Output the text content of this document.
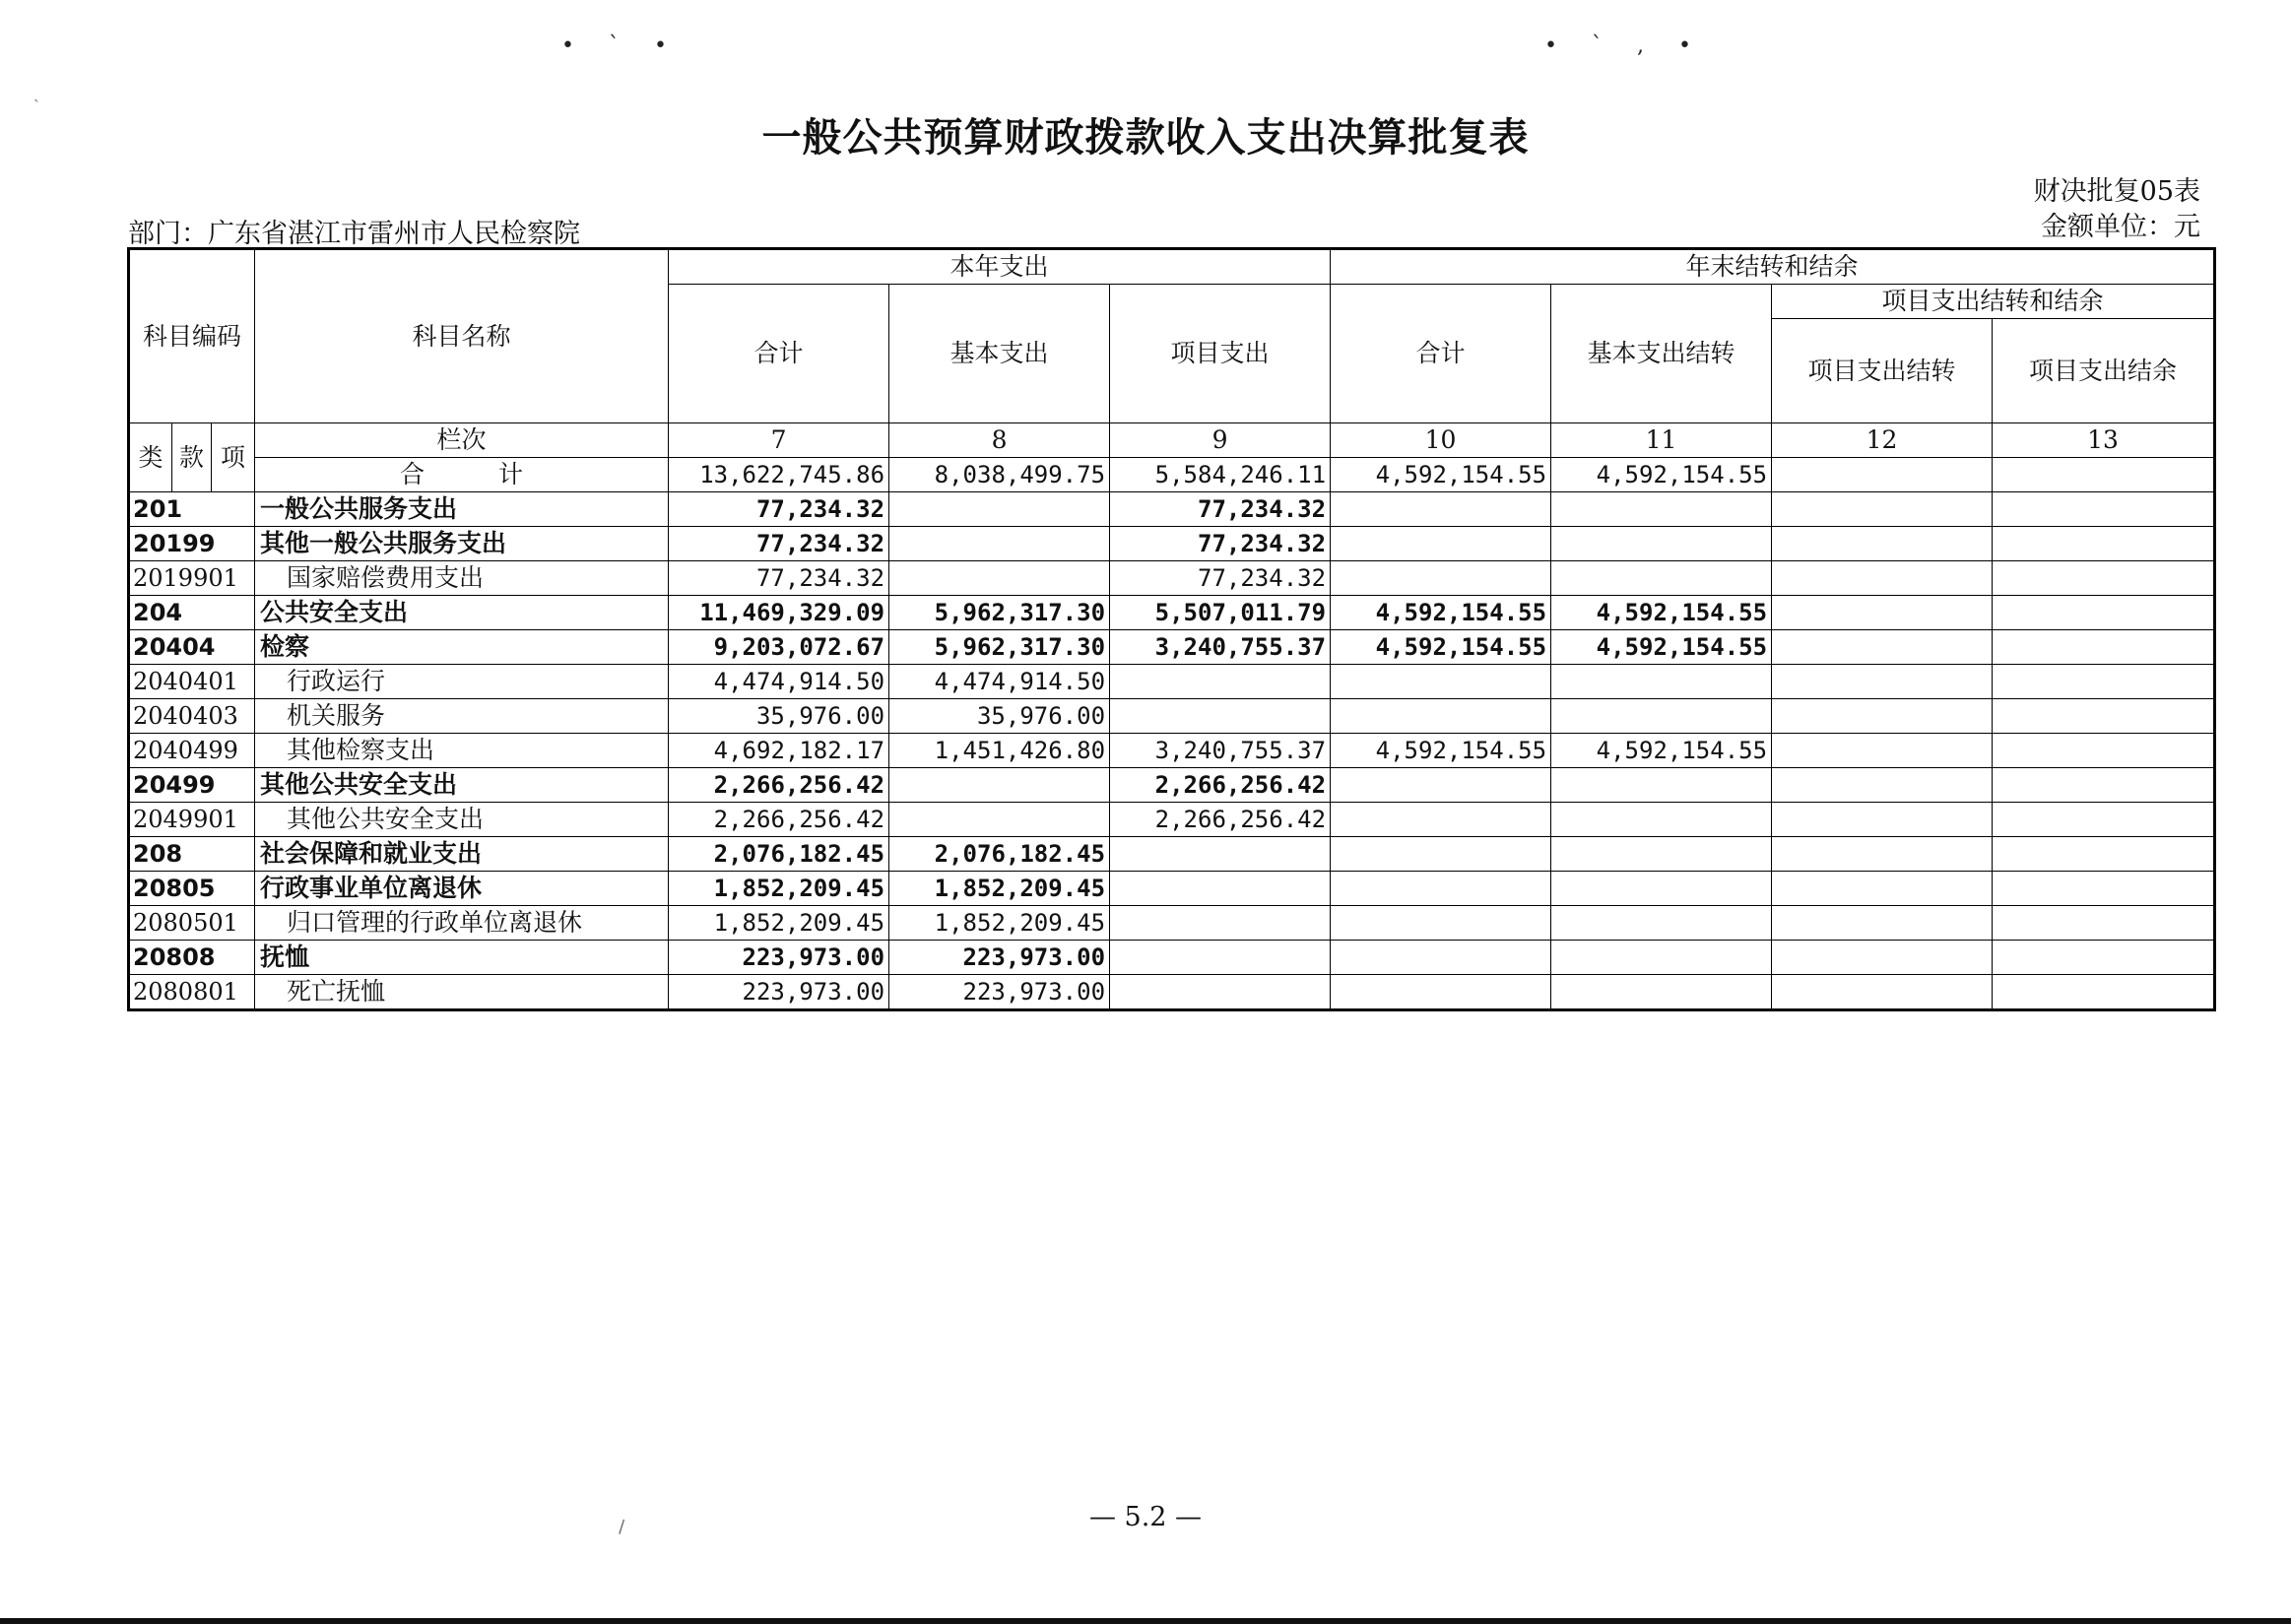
• ` •	• ` , •
`
\
一般公共预算财政拨款收入支出决算批复表
财决批复05表
金额单位：元
部门：广东省湛江市雷州市人民检察院
科目编码			科目名称	本年支出			年末结转和结余			
				合计	基本支出	项目支出	合计	基本支出结转	项目支出结转和结余	
									项目支出结转	项目支出结余
类	款	项	栏次	7	8	9	10	11	12	13
			合　　　计	13,622,745.86	8,038,499.75	5,584,246.11	4,592,154.55	4,592,154.55		
201			一般公共服务支出	77,234.32		77,234.32				
20199			其他一般公共服务支出	77,234.32		77,234.32				
2019901			国家赔偿费用支出	77,234.32		77,234.32				
204			公共安全支出	11,469,329.09	5,962,317.30	5,507,011.79	4,592,154.55	4,592,154.55		
20404			检察	9,203,072.67	5,962,317.30	3,240,755.37	4,592,154.55	4,592,154.55		
2040401			行政运行	4,474,914.50	4,474,914.50					
2040403			机关服务	35,976.00	35,976.00					
2040499			其他检察支出	4,692,182.17	1,451,426.80	3,240,755.37	4,592,154.55	4,592,154.55		
20499			其他公共安全支出	2,266,256.42		2,266,256.42				
2049901			其他公共安全支出	2,266,256.42		2,266,256.42				
208			社会保障和就业支出	2,076,182.45	2,076,182.45					
20805			行政事业单位离退休	1,852,209.45	1,852,209.45					
2080501			归口管理的行政单位离退休	1,852,209.45	1,852,209.45					
20808			抚恤	223,973.00	223,973.00					
2080801			死亡抚恤	223,973.00	223,973.00					
— 5.2 —
